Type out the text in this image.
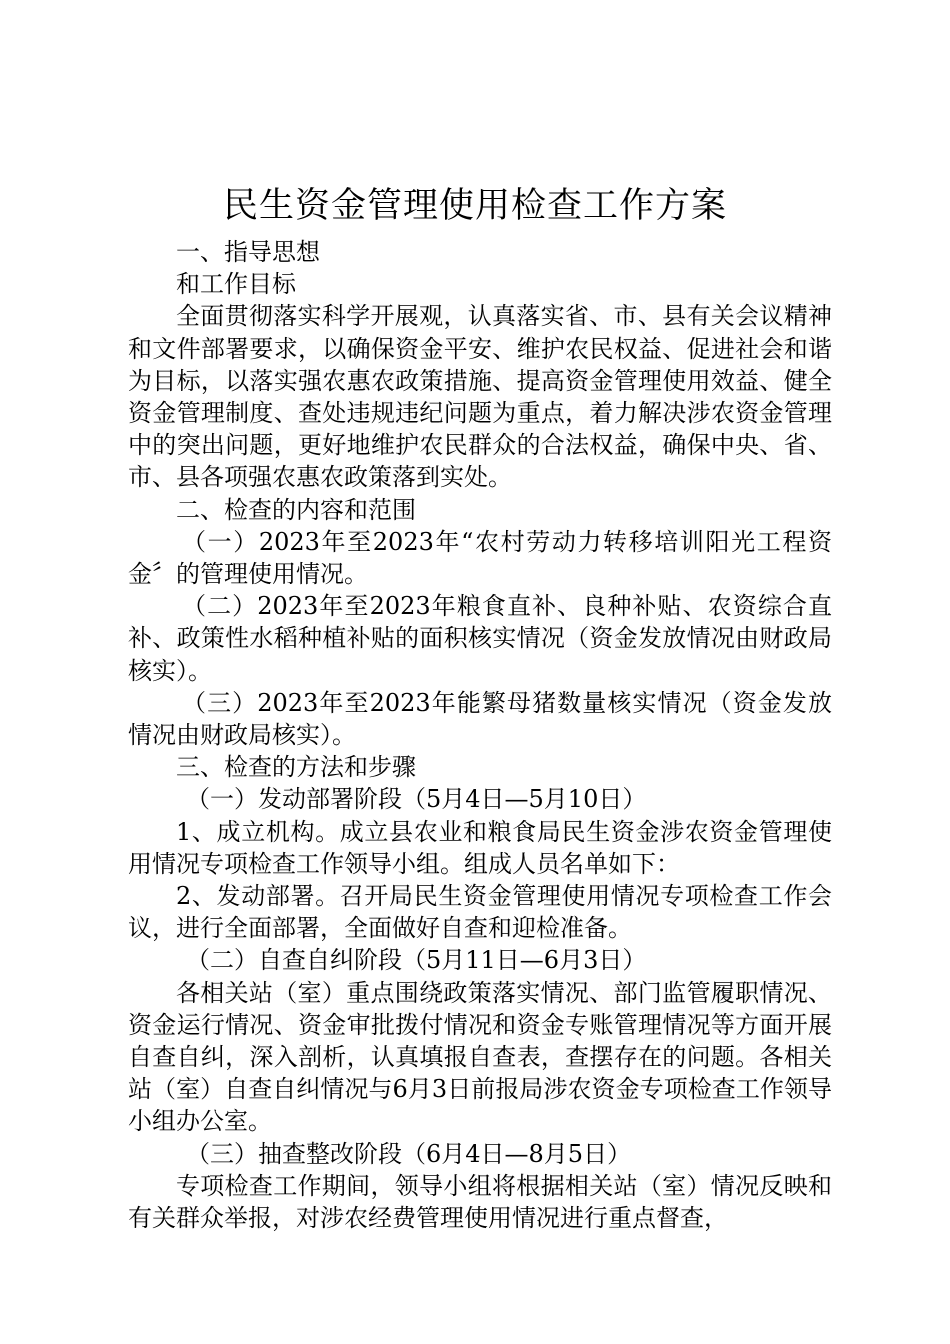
民生资金管理使用检查工作方案

一、指导思想

和工作目标

全面贯彻落实科学开展观，认真落实省、市、县有关会议精神和文件部署要求，以确保资金平安、维护农民权益、促进社会和谐为目标，以落实强农惠农政策措施、提高资金管理使用效益、健全资金管理制度、查处违规违纪问题为重点，着力解决涉农资金管理中的突出问题，更好地维护农民群众的合法权益，确保中央、省、市、县各项强农惠农政策落到实处。

二、检查的内容和范围

（一）2023年至2023年“农村劳动力转移培训阳光工程资金〞的管理使用情况。

（二）2023年至2023年粮食直补、良种补贴、农资综合直补、政策性水稻种植补贴的面积核实情况（资金发放情况由财政局核实）。

（三）2023年至2023年能繁母猪数量核实情况（资金发放情况由财政局核实）。

三、检查的方法和步骤

（一）发动部署阶段（5月4日—5月10日）

1、成立机构。成立县农业和粮食局民生资金涉农资金管理使用情况专项检查工作领导小组。组成人员名单如下：

2、发动部署。召开局民生资金管理使用情况专项检查工作会议，进行全面部署，全面做好自查和迎检准备。

（二）自查自纠阶段（5月11日—6月3日）

各相关站（室）重点围绕政策落实情况、部门监管履职情况、资金运行情况、资金审批拨付情况和资金专账管理情况等方面开展自查自纠，深入剖析，认真填报自查表，查摆存在的问题。各相关站（室）自查自纠情况与6月3日前报局涉农资金专项检查工作领导小组办公室。

（三）抽查整改阶段（6月4日—8月5日）

专项检查工作期间，领导小组将根据相关站（室）情况反映和有关群众举报，对涉农经费管理使用情况进行重点督查，
